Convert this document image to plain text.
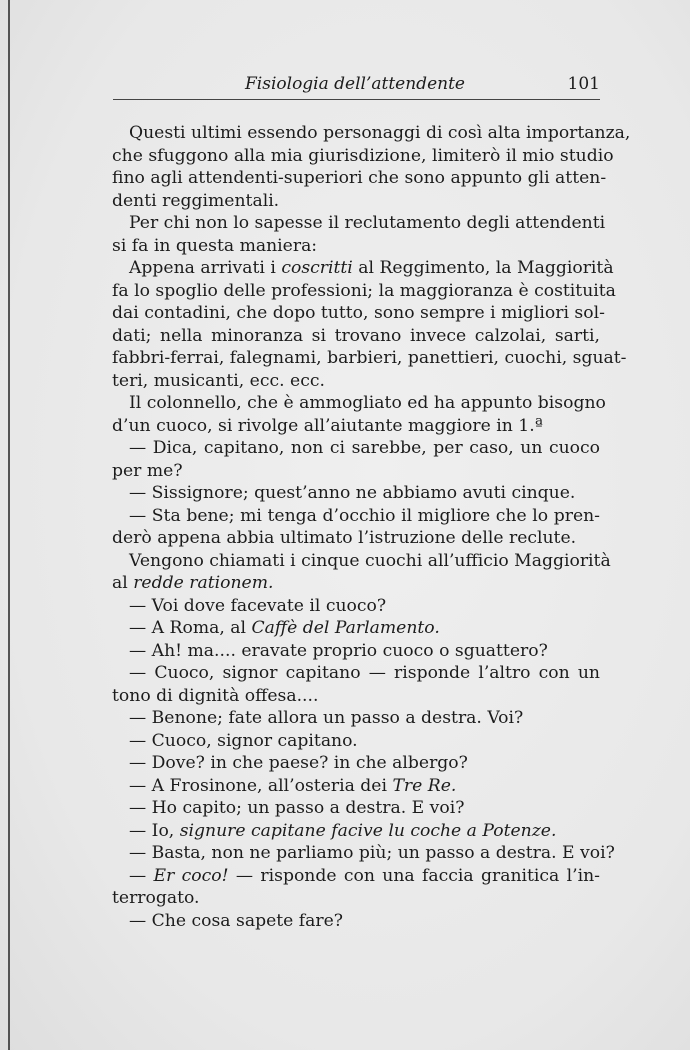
Fisiologia dell’attendente	101
Questi ultimi essendo personaggi di così alta importanza,
che sfuggono alla mia giurisdizione, limiterò il mio studio
fino agli attendenti-superiori che sono appunto gli atten-
denti reggimentali.
Per chi non lo sapesse il reclutamento degli attendenti
si fa in questa maniera:
Appena arrivati i coscritti al Reggimento, la Maggiorità
fa lo spoglio delle professioni; la maggioranza è costituita
dai contadini, che dopo tutto, sono sempre i migliori sol-
dati; nella minoranza si trovano invece calzolai, sarti,
fabbri-ferrai, falegnami, barbieri, panettieri, cuochi, sguat-
teri, musicanti, ecc. ecc.
Il colonnello, che è ammogliato ed ha appunto bisogno
d’un cuoco, si rivolge all’aiutante maggiore in 1.ª
— Dica, capitano, non ci sarebbe, per caso, un cuoco
per me?
— Sissignore; quest’anno ne abbiamo avuti cinque.
— Sta bene; mi tenga d’occhio il migliore che lo pren-
derò appena abbia ultimato l’istruzione delle reclute.
Vengono chiamati i cinque cuochi all’ufficio Maggiorità
al redde rationem.
— Voi dove facevate il cuoco?
— A Roma, al Caffè del Parlamento.
— Ah! ma.... eravate proprio cuoco o sguattero?
— Cuoco, signor capitano — risponde l’altro con un
tono di dignità offesa....
— Benone; fate allora un passo a destra. Voi?
— Cuoco, signor capitano.
— Dove? in che paese? in che albergo?
— A Frosinone, all’osteria dei Tre Re.
— Ho capito; un passo a destra. E voi?
— Io, signure capitane facive lu coche a Potenze.
— Basta, non ne parliamo più; un passo a destra. E voi?
— Er coco! — risponde con una faccia granitica l’in-
terrogato.
— Che cosa sapete fare?
